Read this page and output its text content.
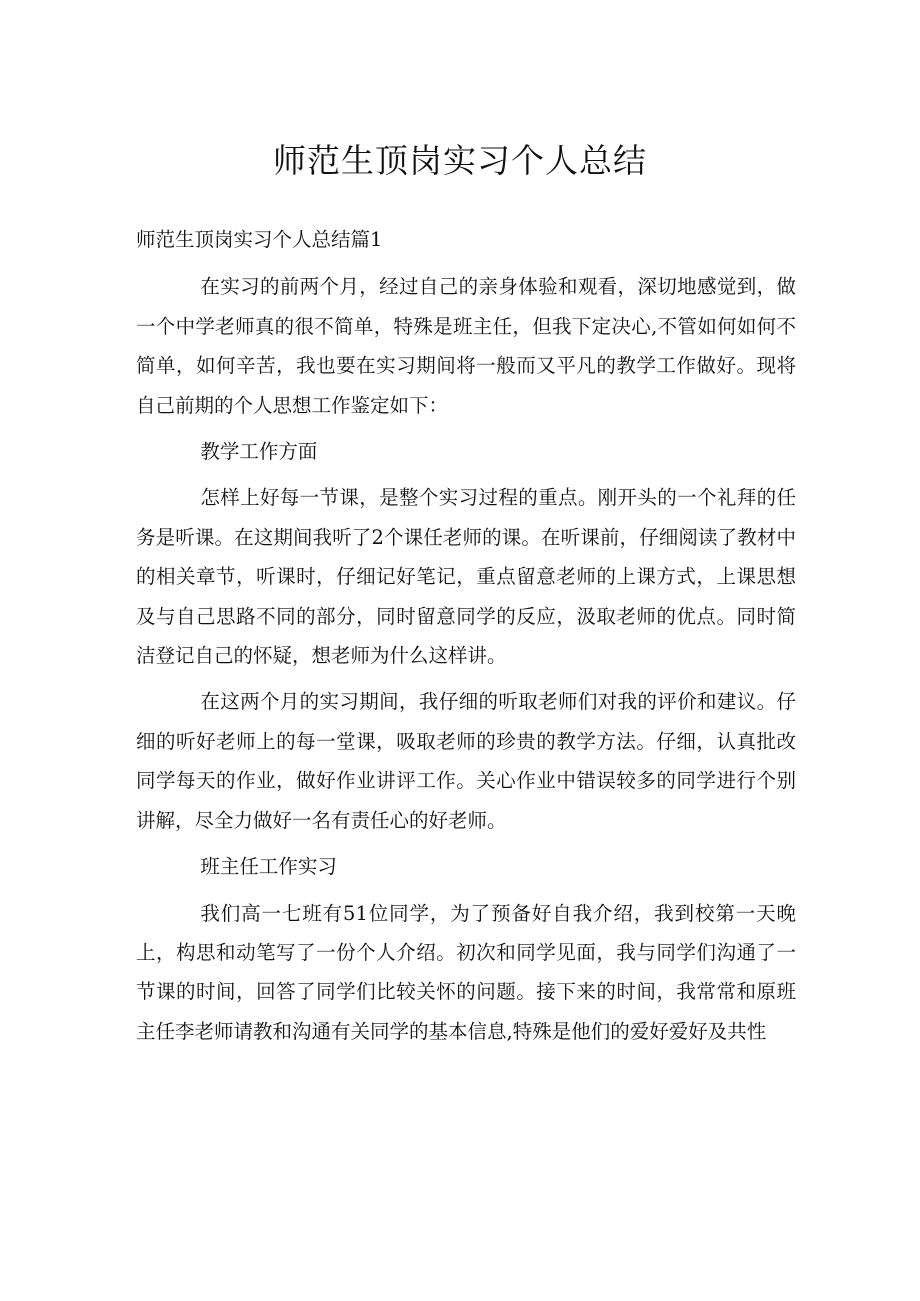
师范生顶岗实习个人总结

师范生顶岗实习个人总结篇1

在实习的前两个月，经过自己的亲身体验和观看，深切地感觉到，做一个中学老师真的很不简单，特殊是班主任，但我下定决心,不管如何如何不简单，如何辛苦，我也要在实习期间将一般而又平凡的教学工作做好。现将自己前期的个人思想工作鉴定如下：

教学工作方面

怎样上好每一节课，是整个实习过程的重点。刚开头的一个礼拜的任务是听课。在这期间我听了2个课任老师的课。在听课前，仔细阅读了教材中的相关章节，听课时，仔细记好笔记，重点留意老师的上课方式，上课思想及与自己思路不同的部分，同时留意同学的反应，汲取老师的优点。同时简洁登记自己的怀疑，想老师为什么这样讲。

在这两个月的实习期间，我仔细的听取老师们对我的评价和建议。仔细的听好老师上的每一堂课，吸取老师的珍贵的教学方法。仔细，认真批改同学每天的作业，做好作业讲评工作。关心作业中错误较多的同学进行个别讲解，尽全力做好一名有责任心的好老师。

班主任工作实习

我们高一七班有51位同学，为了预备好自我介绍，我到校第一天晚上，构思和动笔写了一份个人介绍。初次和同学见面，我与同学们沟通了一节课的时间，回答了同学们比较关怀的问题。接下来的时间，我常常和原班主任李老师请教和沟通有关同学的基本信息,特殊是他们的爱好爱好及共性
